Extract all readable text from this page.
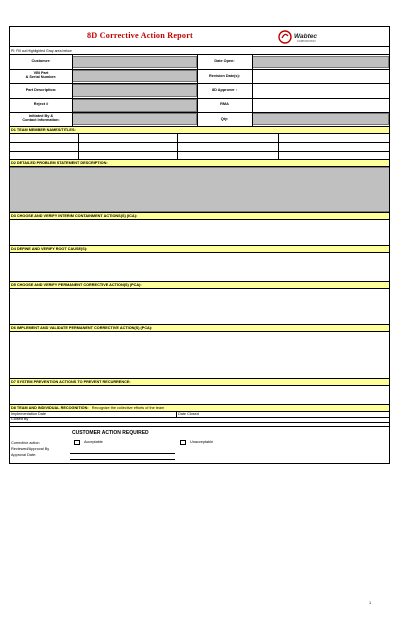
8D Corrective Action Report	Wabtec
CORPORATION
PI: Fill out Highlighted Gray area below
Customer:	Date Open:
VBI Part
& Serial Number:	Revision Date(s):
Part Description:	8D Approver :
Reject #	RMA
Initiated By &
Contact Information:	Qty:
D1 TEAM MEMBER NAMES/TITLES:
D2 DETAILED PROBLEM STATEMENT DESCRIPTION:
D3 CHOOSE AND VERIFY INTERIM CONTAINMENT ACTIONS(S) (ICA):
D4 DEFINE AND VERIFY ROOT CAUSE(S):
D5 CHOOSE AND VERIFY PERMANENT CORRECTIVE ACTION(S) (PCA):
D6 IMPLEMENT AND VALIDATE PERMANENT CORRECTIVE ACTION(S) (PCA):
D7 SYSTEM PREVENTION ACTIONS TO PREVENT RECURRENCE:
D8 TEAM AND INDIVIDUAL RECOGNITION: Recognize the collective efforts of the team
Implementation Date	Date Closed
Closed By
CUSTOMER ACTION REQUIRED
Corrective action
Reviewed/Approval By
Approval Date:
Acceptable	Unacceptable
1
